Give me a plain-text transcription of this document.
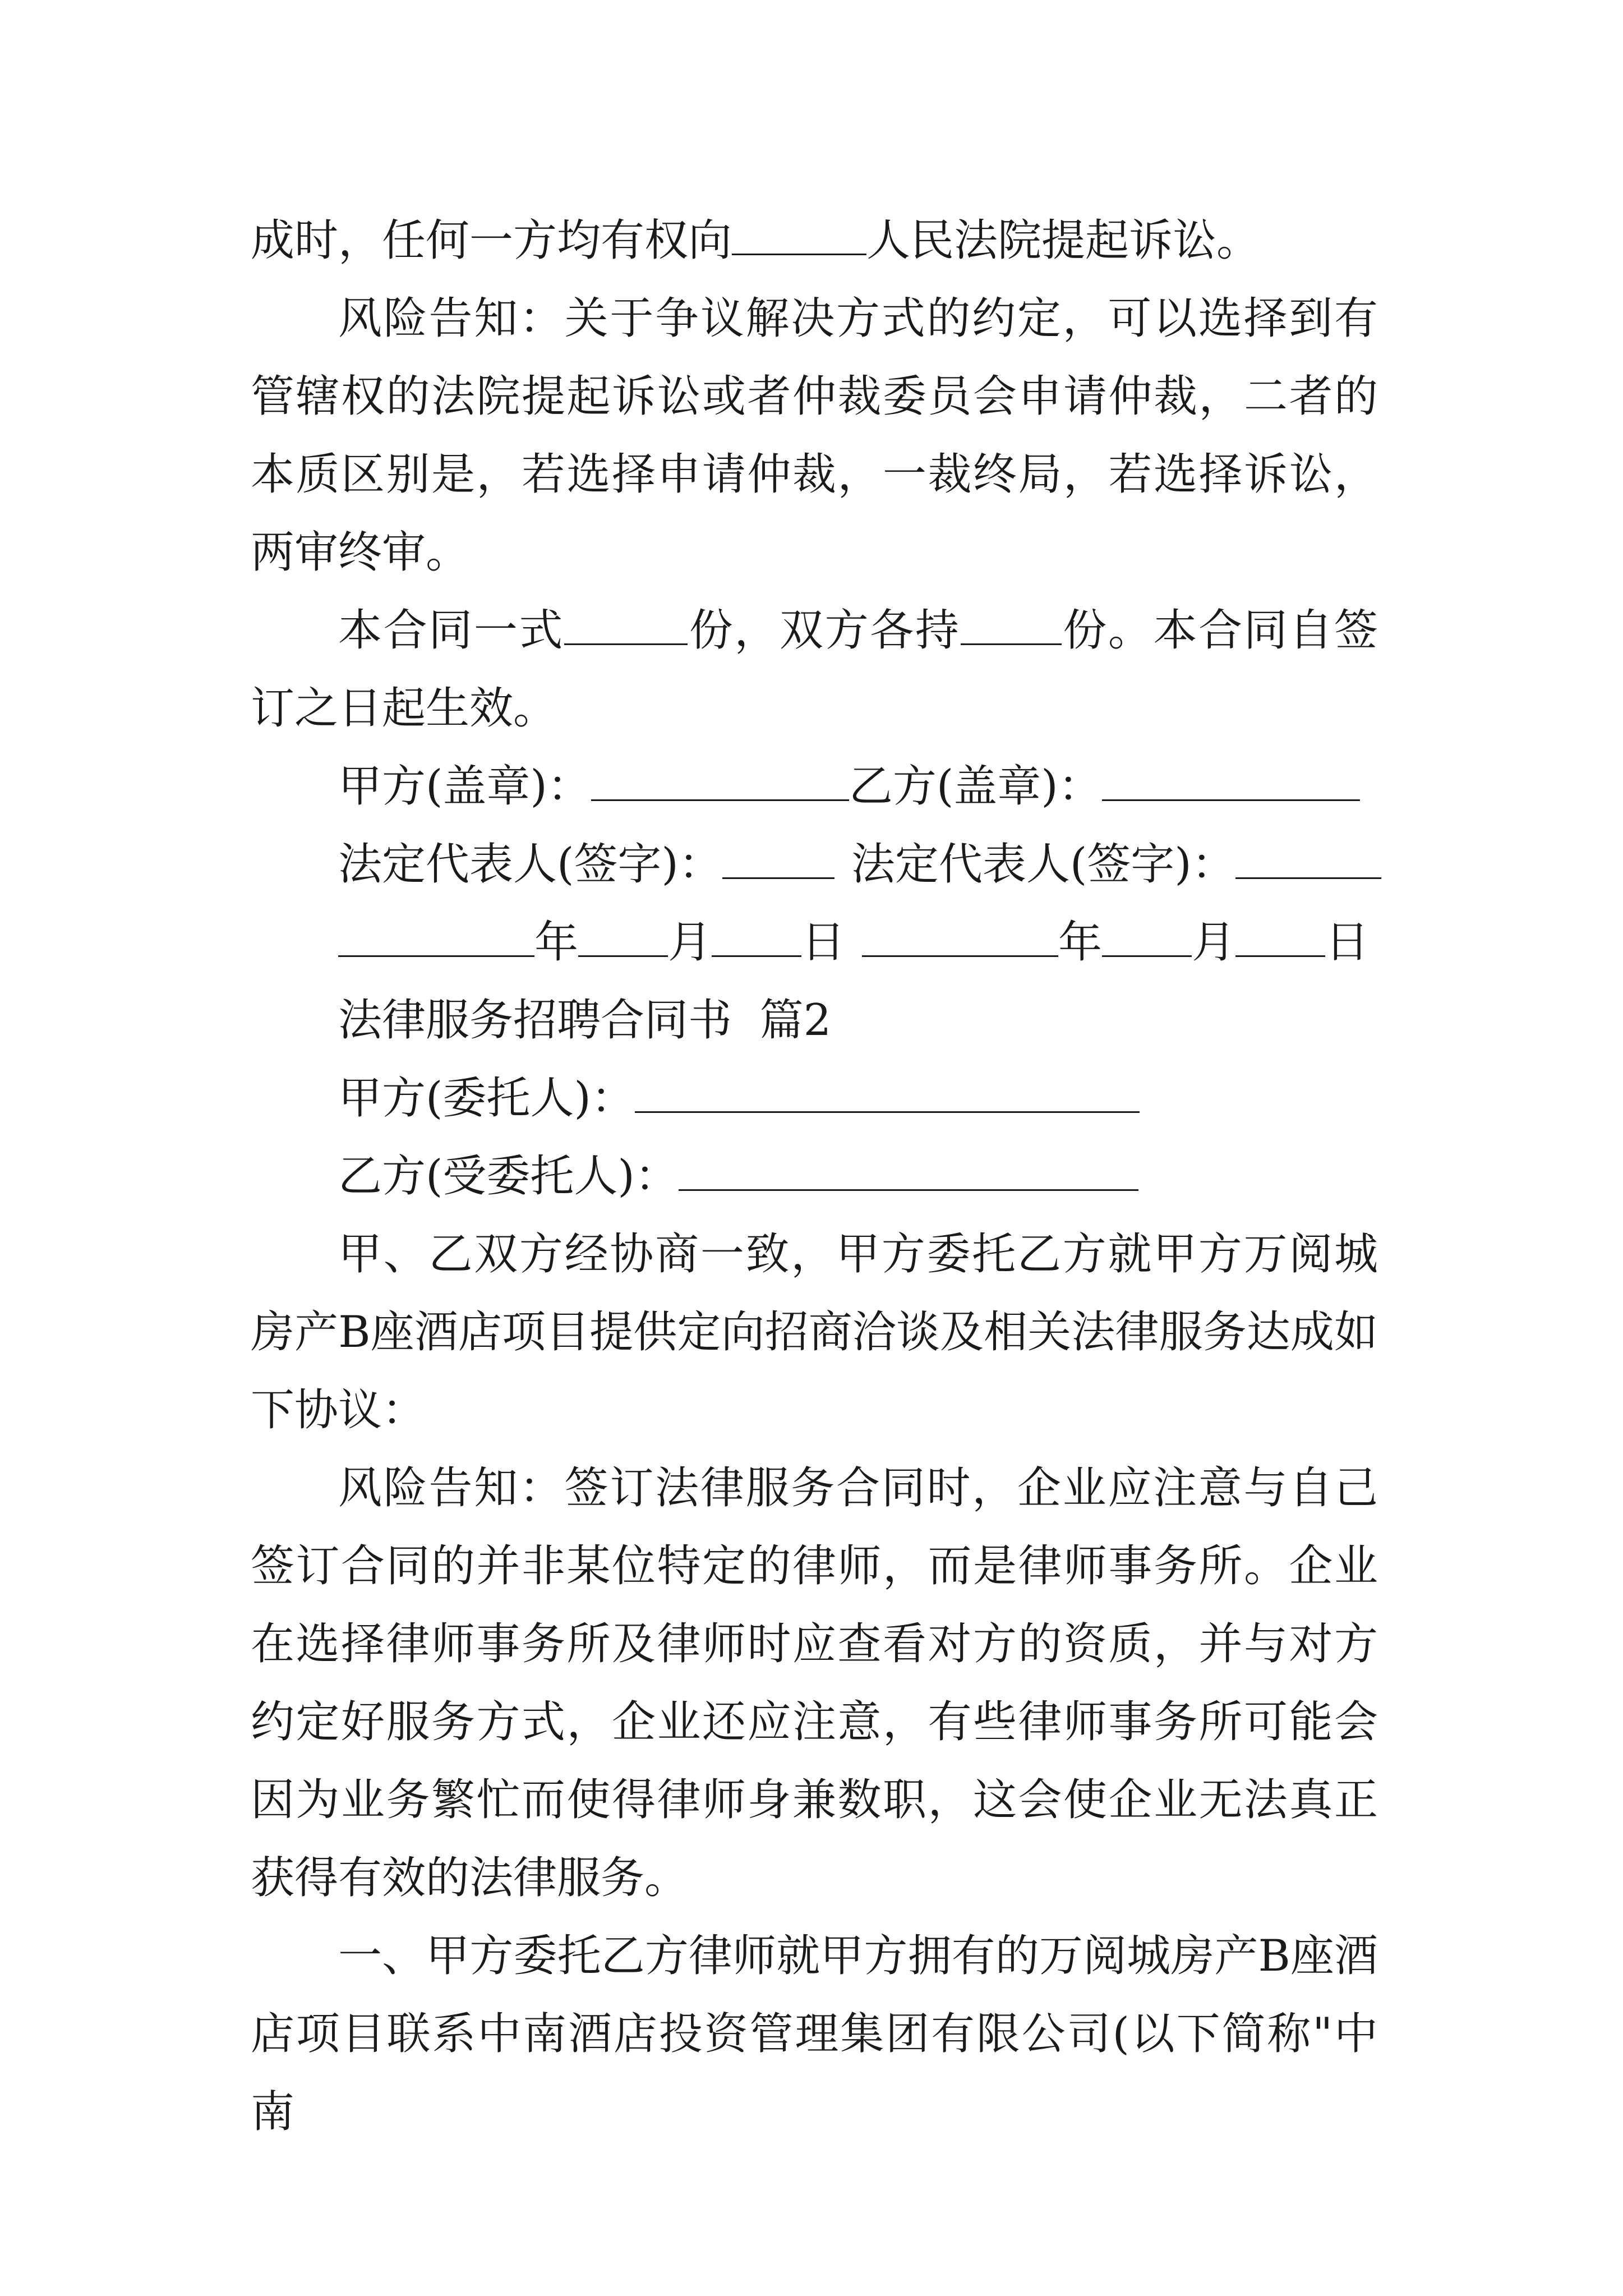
成时，任何一方均有权向	人民法院提起诉讼。

风险告知：关于争议解决方式的约定，可以选择到有管辖权的法院提起诉讼或者仲裁委员会申请仲裁，二者的本质区别是，若选择申请仲裁，一裁终局，若选择诉讼，两审终审。

本合同一式	份，双方各持 份。本合同自签订之日起生效。

甲方(盖章)：	乙方(盖章)：
法定代表人(签字)：	法定代表人(签字)：
年 月 日	年 月 日
法律服务招聘合同书  篇2
甲方(委托人)：
乙方(受委托人)：

甲、乙双方经协商一致，甲方委托乙方就甲方万阅城房产B座酒店项目提供定向招商洽谈及相关法律服务达成如下协议：

风险告知：签订法律服务合同时，企业应注意与自己签订合同的并非某位特定的律师，而是律师事务所。企业在选择律师事务所及律师时应查看对方的资质，并与对方约定好服务方式，企业还应注意，有些律师事务所可能会因为业务繁忙而使得律师身兼数职，这会使企业无法真正获得有效的法律服务。

一、甲方委托乙方律师就甲方拥有的万阅城房产B座酒店项目联系中南酒店投资管理集团有限公司(以下简称"中南
